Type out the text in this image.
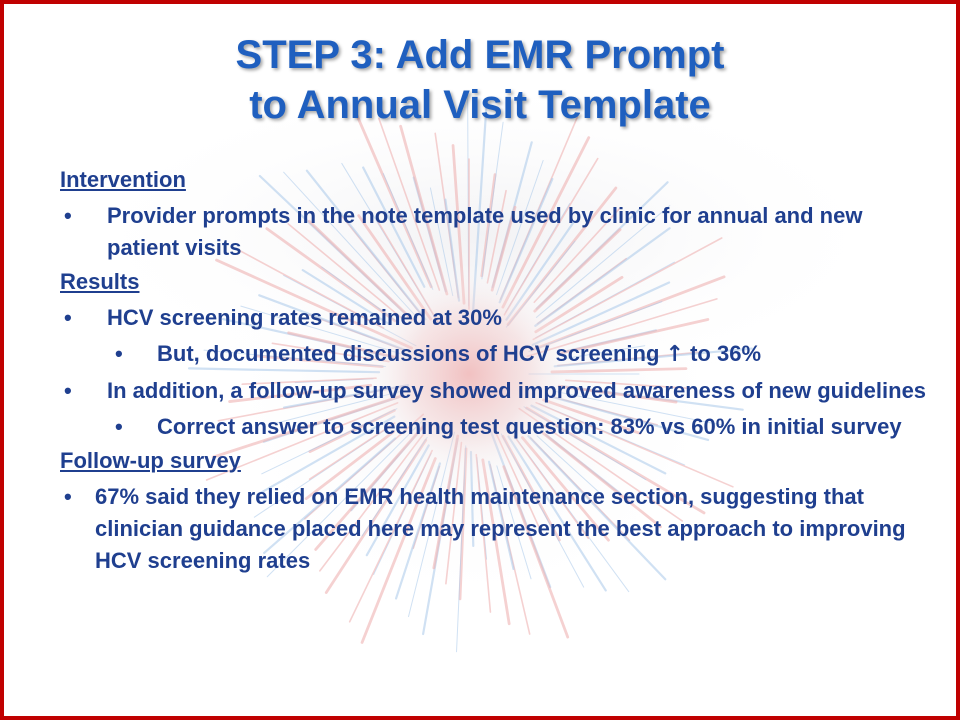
STEP 3: Add EMR Prompt
to Annual Visit Template
Intervention
• Provider prompts in the note template used by clinic for annual and new patient visits
Results
• HCV screening rates remained at 30%
• But, documented discussions of HCV screening ↑ to 36%
• In addition, a follow-up survey showed improved awareness of new guidelines
• Correct answer to screening test question: 83% vs 60% in initial survey
Follow-up survey
• 67% said they relied on EMR health maintenance section, suggesting that clinician guidance placed here may represent the best approach to improving HCV screening rates
